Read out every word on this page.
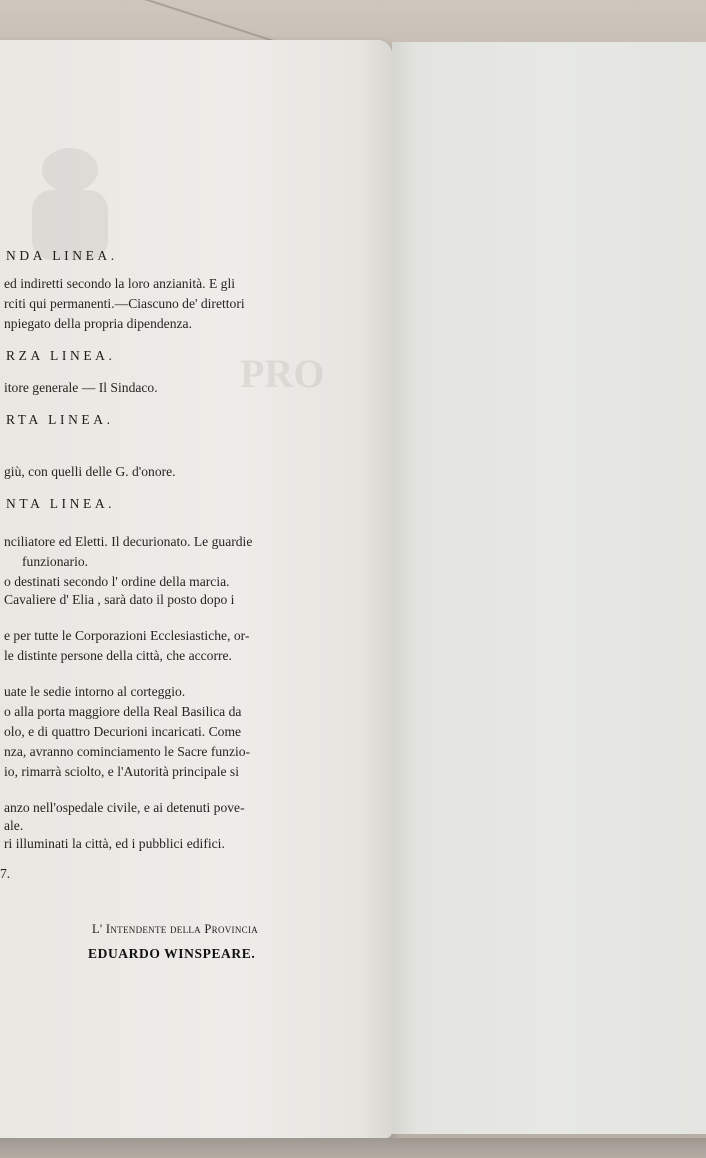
PRO
NDA LINEA.
ed indiretti secondo la loro anzianità. E gli
rciti qui permanenti.—Ciascuno de' direttori
npiegato della propria dipendenza.
RZA LINEA.
itore generale — Il Sindaco.
RTA LINEA.
giù, con quelli delle G. d'onore.
NTA LINEA.
nciliatore ed Eletti. Il decurionato. Le guardie
funzionario.
o destinati secondo l' ordine della marcia.
Cavaliere d' Elia , sarà dato il posto dopo i
e per tutte le Corporazioni Ecclesiastiche, or-
le distinte persone della città, che accorre.
uate le sedie intorno al corteggio.
o alla porta maggiore della Real Basilica da
olo, e di quattro Decurioni incaricati. Come
nza, avranno cominciamento le Sacre funzio-
io, rimarrà sciolto, e l'Autorità principale si
anzo nell'ospedale civile, e ai detenuti pove-
ale.
ri illuminati la città, ed i pubblici edifici.
7.
L' Intendente della Provincia
EDUARDO WINSPEARE.
